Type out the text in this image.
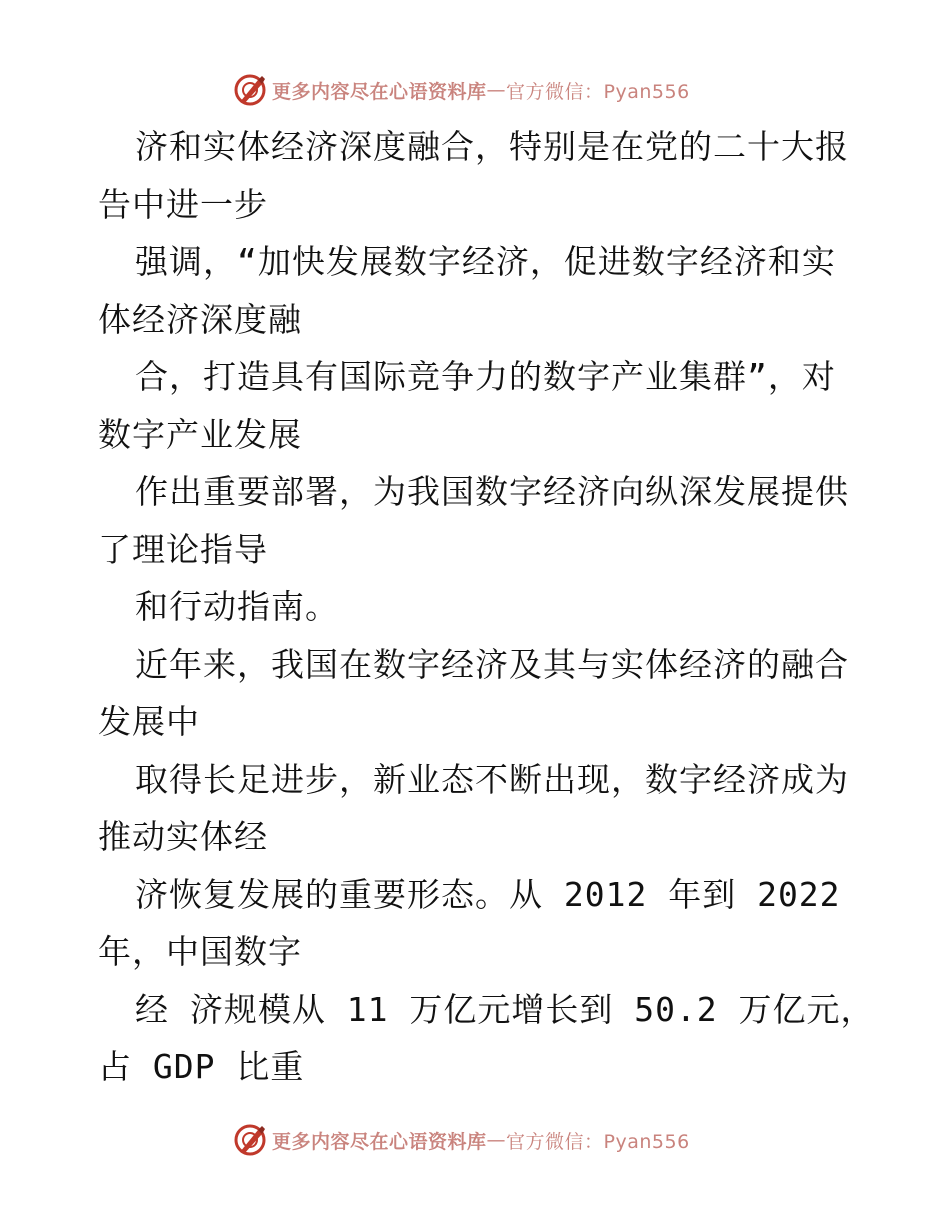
更多内容尽在心语资料库 — 官方微信：Pyan556
济和实体经济深度融合，特别是在党的二十大报
告中进一步
强调，“加快发展数字经济，促进数字经济和实
体经济深度融
合，打造具有国际竞争力的数字产业集群”，对
数字产业发展
作出重要部署，为我国数字经济向纵深发展提供
了理论指导
和行动指南。
近年来，我国在数字经济及其与实体经济的融合
发展中
取得长足进步，新业态不断出现，数字经济成为
推动实体经
济恢复发展的重要形态。从 2012 年到 2022
年，中国数字
经 济规模从 11 万亿元增长到 50.2 万亿元，
占 GDP 比重
更多内容尽在心语资料库 — 官方微信：Pyan556
